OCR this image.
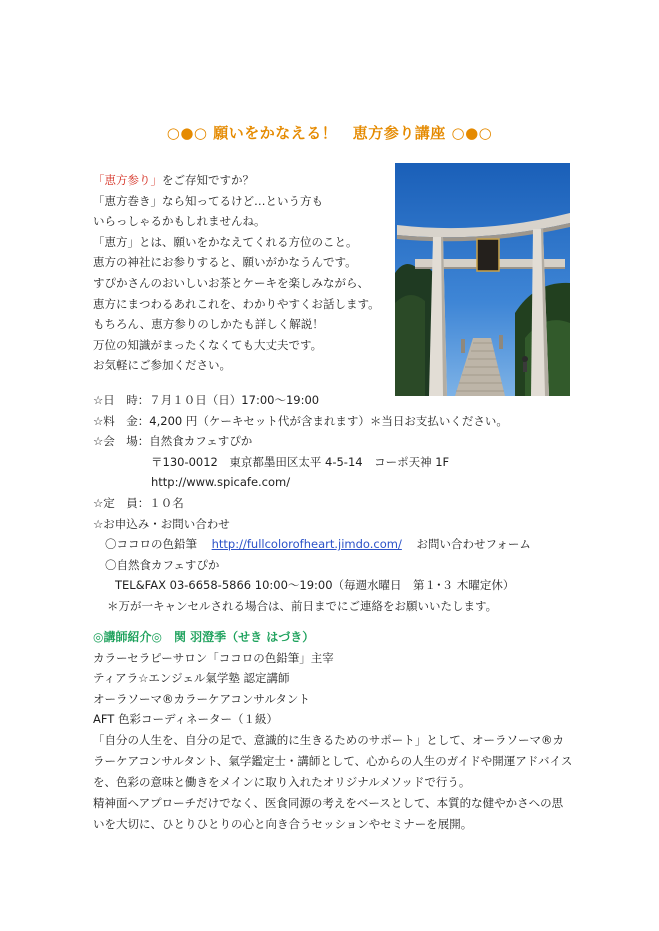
○●○ 願いをかなえる！　恵方参り講座 ○●○
「恵方参り」をご存知ですか？
「恵方巻き」なら知ってるけど…という方も
いらっしゃるかもしれませんね。
「恵方」とは、願いをかなえてくれる方位のこと。
恵方の神社にお参りすると、願いがかなうんです。
すぴかさんのおいしいお茶とケーキを楽しみながら、
恵方にまつわるあれこれを、わかりやすくお話します。
もちろん、恵方参りのしかたも詳しく解説！
万位の知識がまったくなくても大丈夫です。
お気軽にご参加ください。
☆日　時：７月１０日（日）17:00～19:00
☆料　金：4,200 円（ケーキセット代が含まれます）＊当日お支払いください。
☆会　場：自然食カフェすぴか
〒130-0012　東京都墨田区太平 4-5-14　コーポ天神 1F
http://www.spicafe.com/
☆定　員：１０名
☆お申込み・お問い合わせ
〇ココロの色鉛筆 http://fullcolorofheart.jimdo.com/ お問い合わせフォーム
〇自然食カフェすぴか
TEL&FAX 03-6658-5866 10:00～19:00（毎週水曜日　第１･３ 木曜定休）
＊万が一キャンセルされる場合は、前日までにご連絡をお願いいたします。
◎講師紹介◎　関 羽澄季（せき はづき）
カラーセラピーサロン「ココロの色鉛筆」主宰
ティアラ☆エンジェル氣学塾 認定講師
オーラソーマ®カラーケアコンサルタント
AFT 色彩コーディネーター（１級）
「自分の人生を、自分の足で、意識的に生きるためのサポート」として、オーラソーマ®カラーケアコンサルタント、氣学鑑定士・講師として、心からの人生のガイドや開運アドバイスを、色彩の意味と働きをメインに取り入れたオリジナルメソッドで行う。
精神面へアプローチだけでなく、医食同源の考えをベースとして、本質的な健やかさへの思いを大切に、ひとりひとりの心と向き合うセッションやセミナーを展開。
